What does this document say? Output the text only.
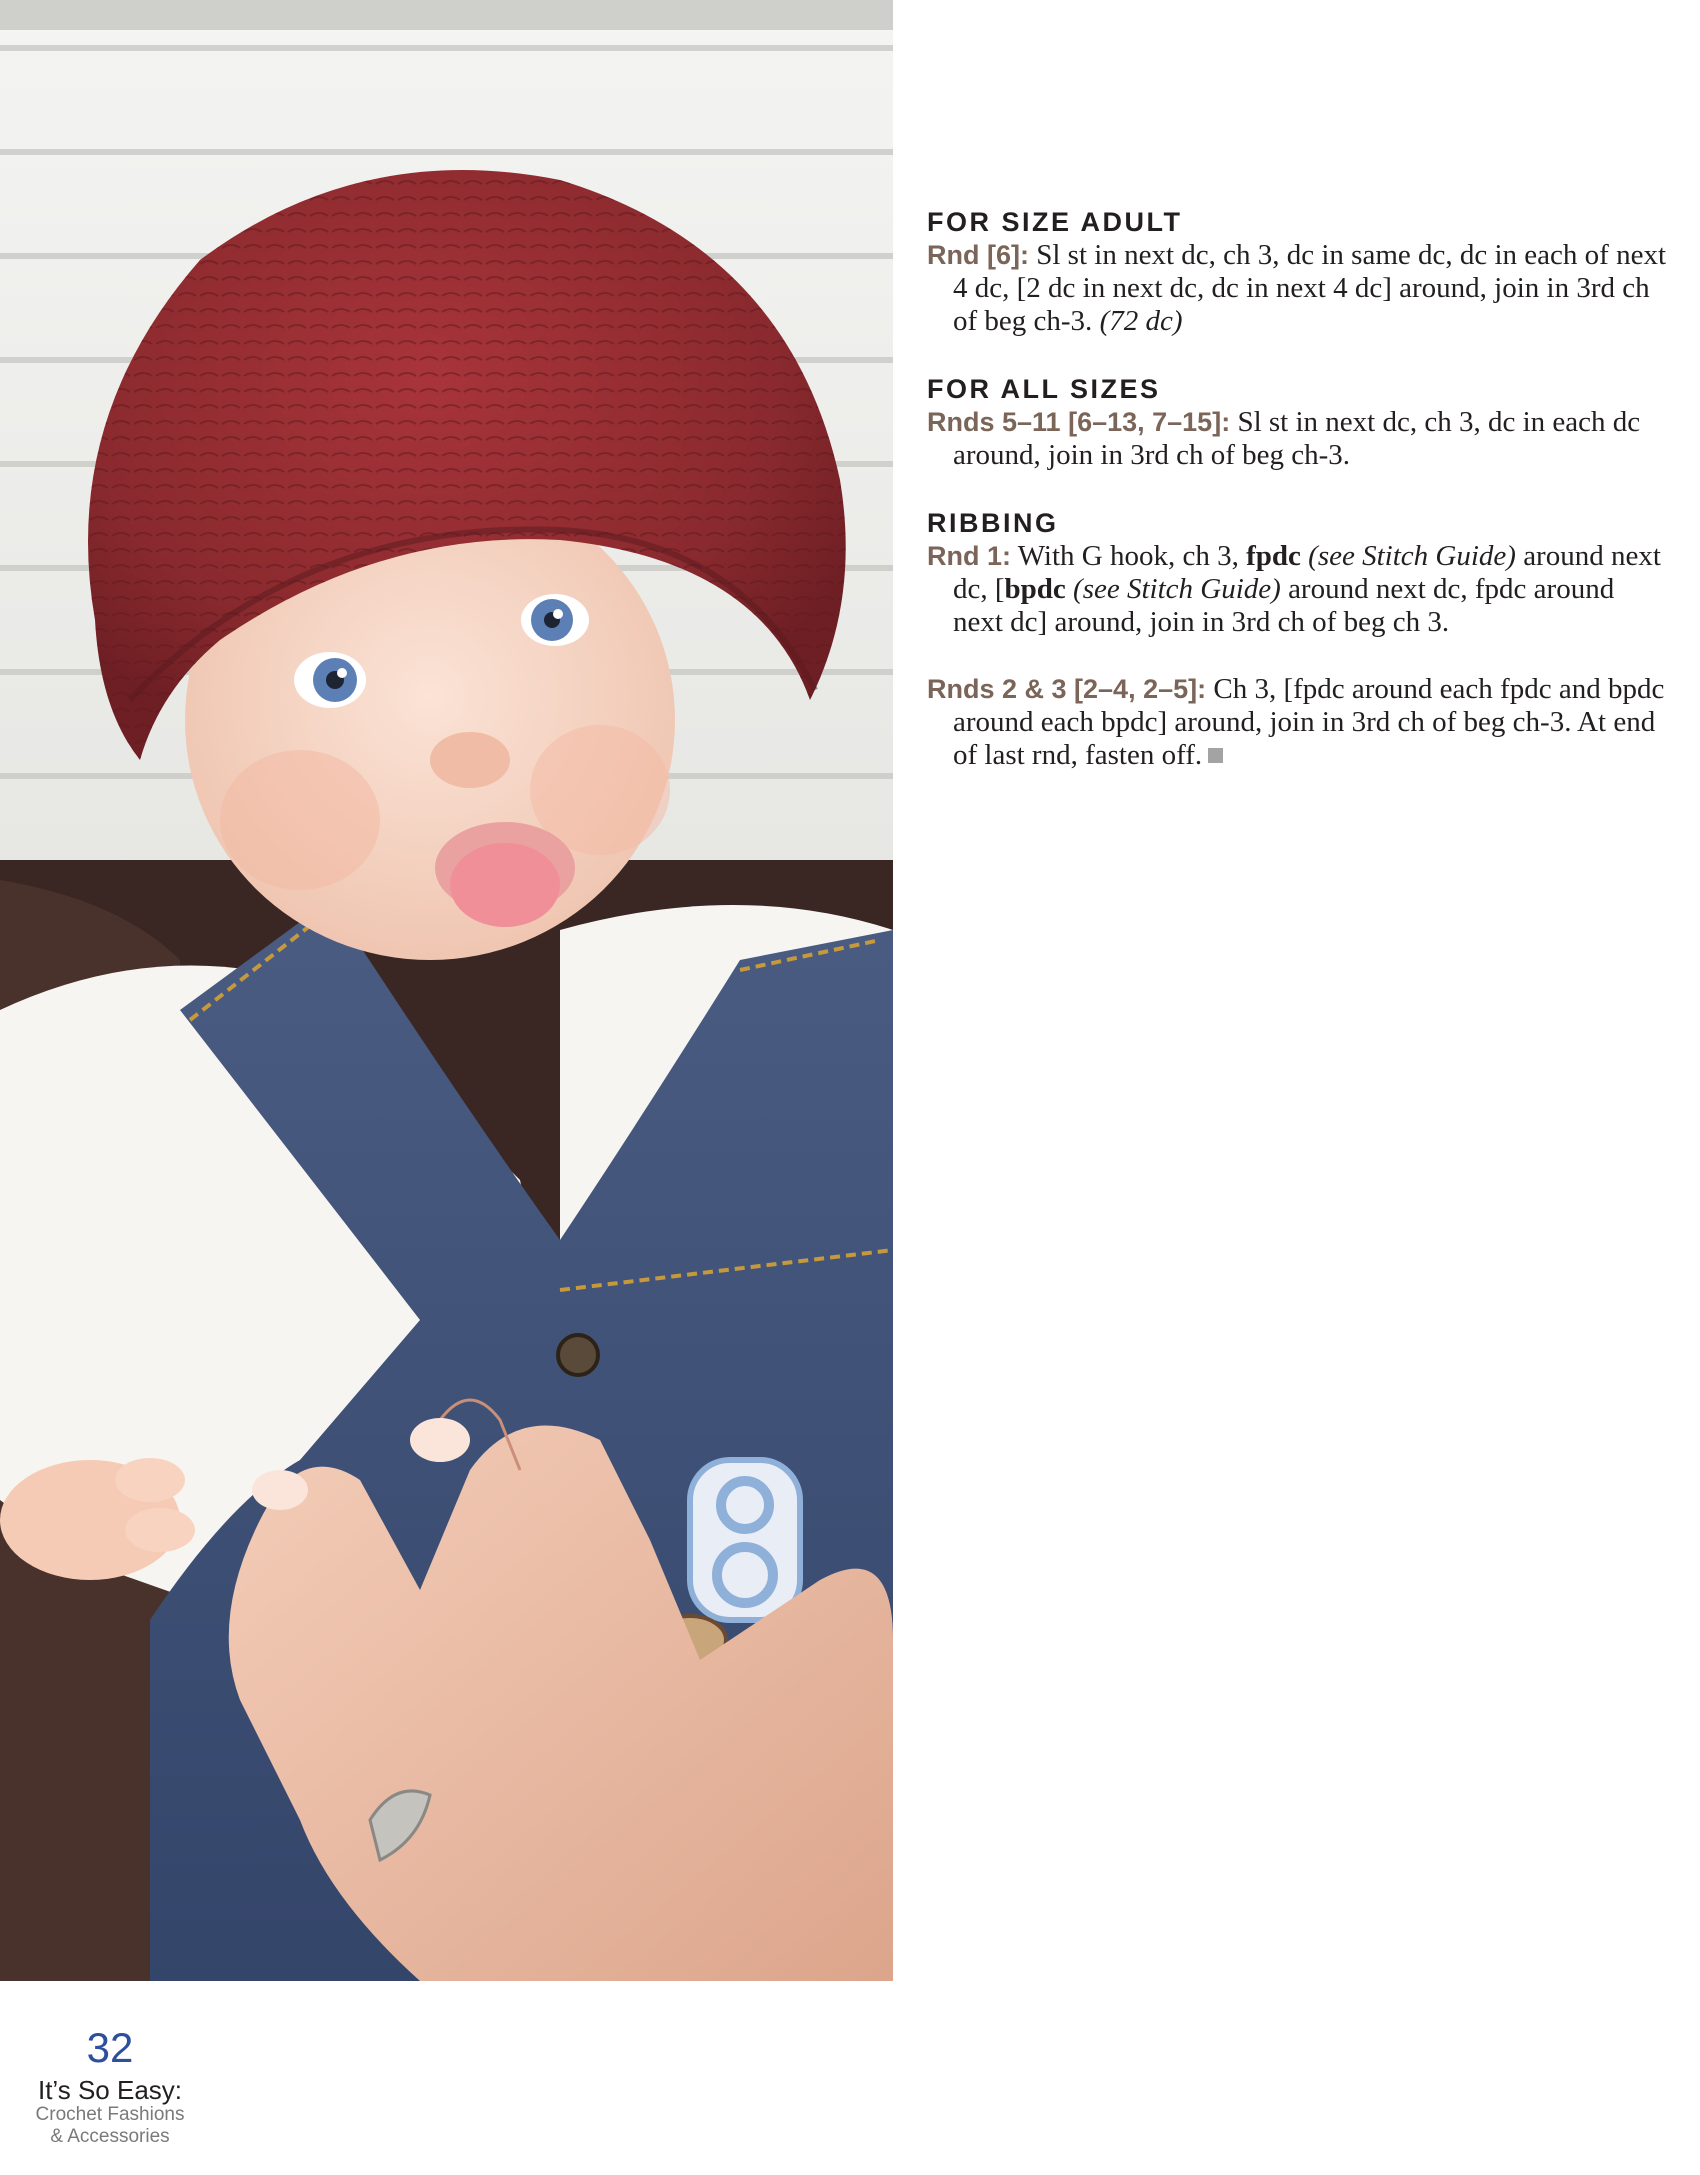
FOR SIZE ADULT
Rnd [6]: Sl st in next dc, ch 3, dc in same dc, dc in each of next 4 dc, [2 dc in next dc, dc in next 4 dc] around, join in 3rd ch of beg ch-3. (72 dc)
FOR ALL SIZES
Rnds 5–11 [6–13, 7–15]: Sl st in next dc, ch 3, dc in each dc around, join in 3rd ch of beg ch-3.
RIBBING
Rnd 1: With G hook, ch 3, fpdc (see Stitch Guide) around next dc, [bpdc (see Stitch Guide) around next dc, fpdc around next dc] around, join in 3rd ch of beg ch 3.
Rnds 2 & 3 [2–4, 2–5]: Ch 3, [fpdc around each fpdc and bpdc around each bpdc] around, join in 3rd ch of beg ch-3. At end of last rnd, fasten off.
32
It’s So Easy:
Crochet Fashions
& Accessories
